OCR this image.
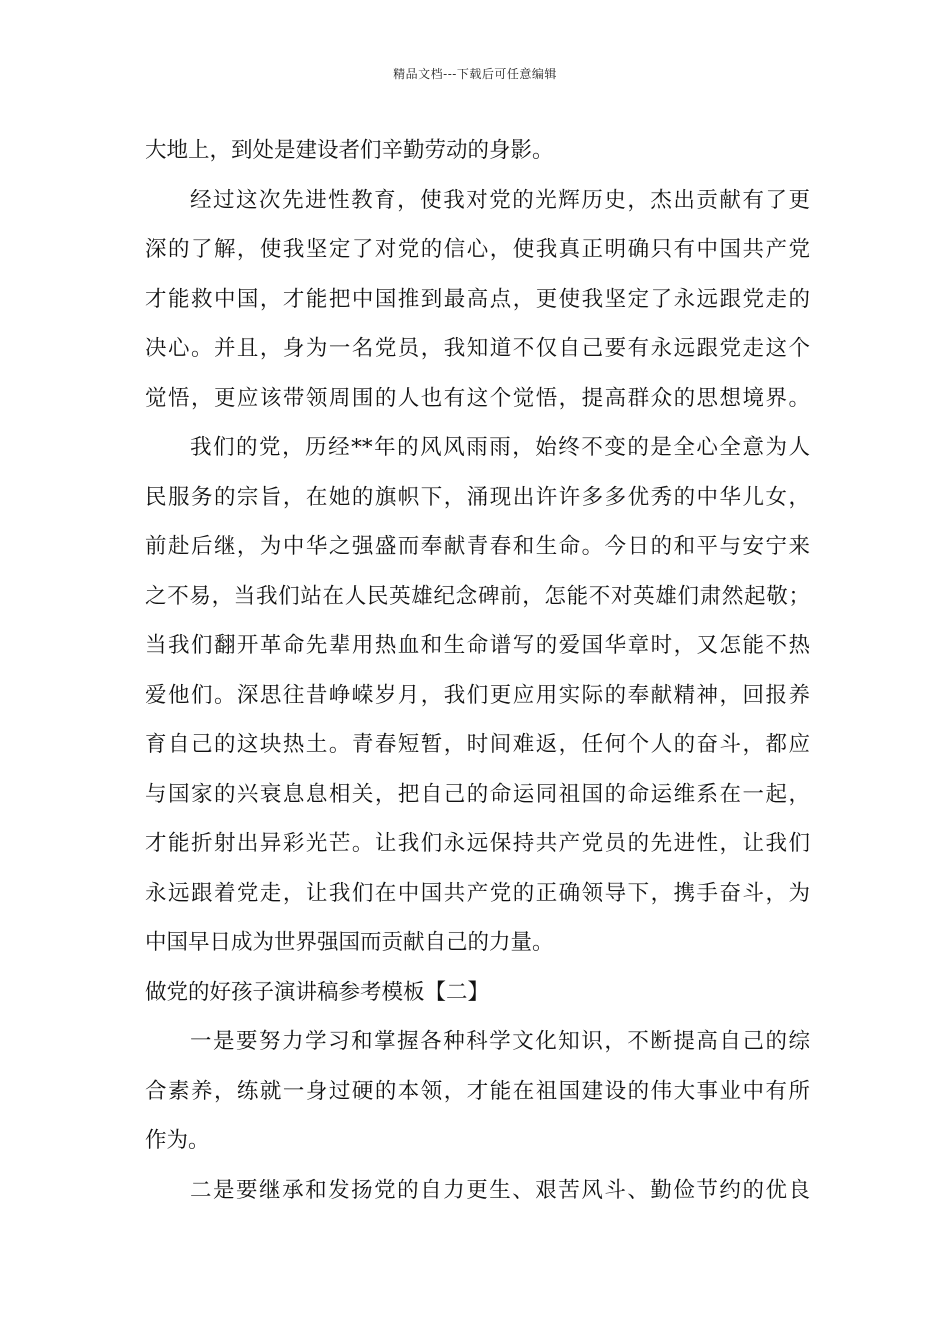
精品文档---下载后可任意编辑
大地上，到处是建设者们辛勤劳动的身影。
经过这次先进性教育，使我对党的光辉历史，杰出贡献有了更
深的了解，使我坚定了对党的信心，使我真正明确只有中国共产党
才能救中国，才能把中国推到最高点，更使我坚定了永远跟党走的
决心。并且，身为一名党员，我知道不仅自己要有永远跟党走这个
觉悟，更应该带领周围的人也有这个觉悟，提高群众的思想境界。
我们的党，历经**年的风风雨雨，始终不变的是全心全意为人
民服务的宗旨，在她的旗帜下，涌现出许许多多优秀的中华儿女，
前赴后继，为中华之强盛而奉献青春和生命。今日的和平与安宁来
之不易，当我们站在人民英雄纪念碑前，怎能不对英雄们肃然起敬；
当我们翻开革命先辈用热血和生命谱写的爱国华章时，又怎能不热
爱他们。深思往昔峥嵘岁月，我们更应用实际的奉献精神，回报养
育自己的这块热土。青春短暂，时间难返，任何个人的奋斗，都应
与国家的兴衰息息相关，把自己的命运同祖国的命运维系在一起，
才能折射出异彩光芒。让我们永远保持共产党员的先进性，让我们
永远跟着党走，让我们在中国共产党的正确领导下，携手奋斗，为
中国早日成为世界强国而贡献自己的力量。
做党的好孩子演讲稿参考模板【二】
一是要努力学习和掌握各种科学文化知识，不断提高自己的综
合素养，练就一身过硬的本领，才能在祖国建设的伟大事业中有所
作为。
二是要继承和发扬党的自力更生、艰苦风斗、勤俭节约的优良
